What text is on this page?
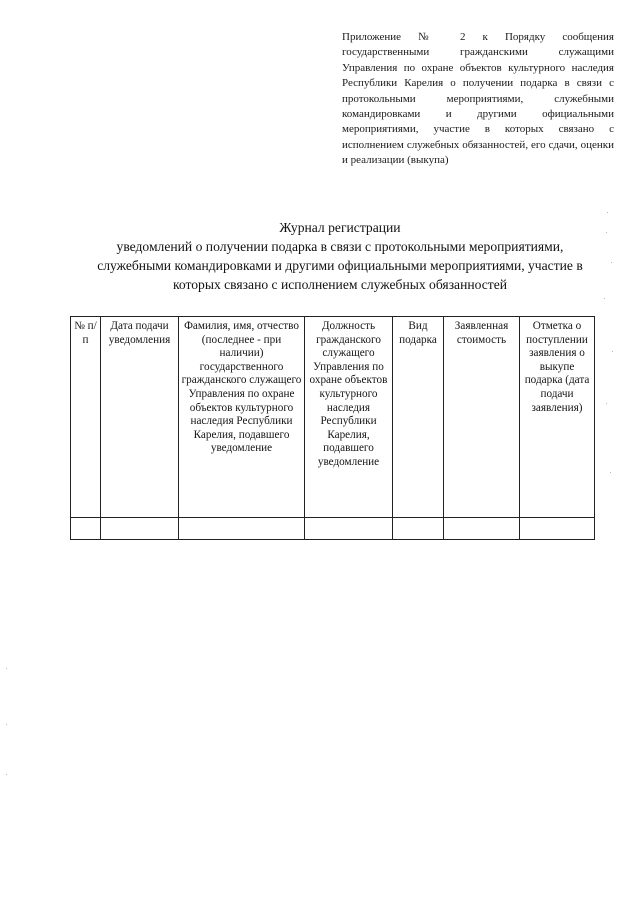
Приложение № 2 к Порядку сообщения государственными гражданскими служащими Управления по охране объектов культурного наследия Республики Карелия о получении подарка в связи с протокольными мероприятиями, служебными командировками и другими официальными мероприятиями, участие в которых связано с исполнением служебных обязанностей, его сдачи, оценки и реализации (выкупа)
Журнал регистрации
уведомлений о получении подарка в связи с протокольными мероприятиями,
служебными командировками и другими официальными мероприятиями, участие в
которых связано с исполнением служебных обязанностей
№ п/п	Дата подачи уведомления	Фамилия, имя, отчество (последнее - при наличии) государственного гражданского служащего Управления по охране объектов культурного наследия Республики Карелия, подавшего уведомление	Должность гражданского служащего Управления по охране объектов культурного наследия Республики Карелия, подавшего уведомление	Вид подарка	Заявленная стоимость	Отметка о поступлении заявления о выкупе подарка (дата подачи заявления)
